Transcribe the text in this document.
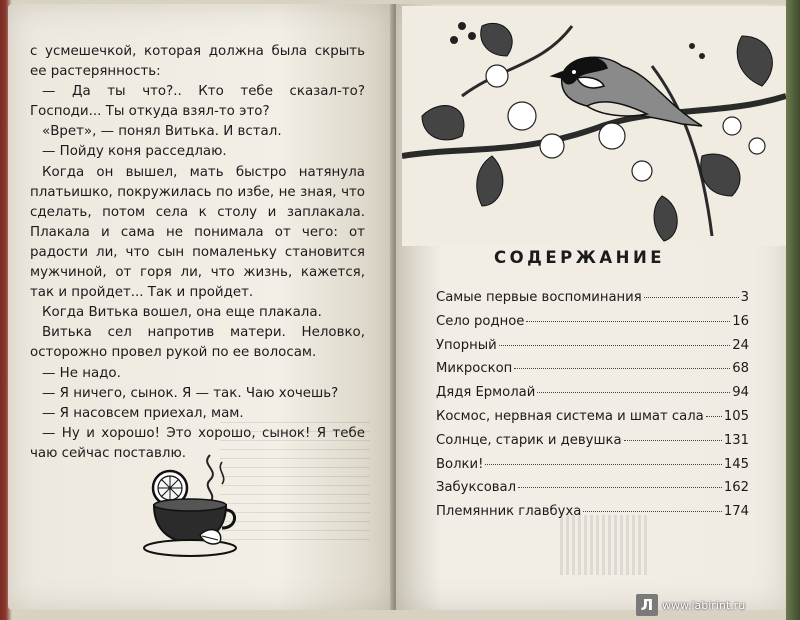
с усмешечкой, которая должна была скрыть ее растерянность:

— Да ты что?.. Кто тебе сказал-то? Господи... Ты откуда взял-то это?

«Врет», — понял Витька. И встал.

— Пойду коня расседлаю.

Когда он вышел, мать быстро натянула платьишко, покружилась по избе, не зная, что сделать, потом села к столу и заплакала. Плакала и сама не понимала от чего: от радости ли, что сын помаленьку становится мужчиной, от горя ли, что жизнь, кажется, так и пройдет... Так и пройдет.

Когда Витька вошел, она еще плакала.

Витька сел напротив матери. Неловко, осторожно провел рукой по ее волосам.

— Не надо.

— Я ничего, сынок. Я — так. Чаю хочешь?

— Я насовсем приехал, мам.

— Ну и хорошо! Это хорошо, сынок! Я тебе чаю сейчас поставлю.

СОДЕРЖАНИЕ
Самые первые воспоминания	3
Село родное	16
Упорный	24
Микроскоп	68
Дядя Ермолай	94
Космос, нервная система и шмат сала 105
Солнце, старик и девушка	131
Волки!	145
Забуксовал	162
Племянник главбуха	174
Л www.labirint.ru
